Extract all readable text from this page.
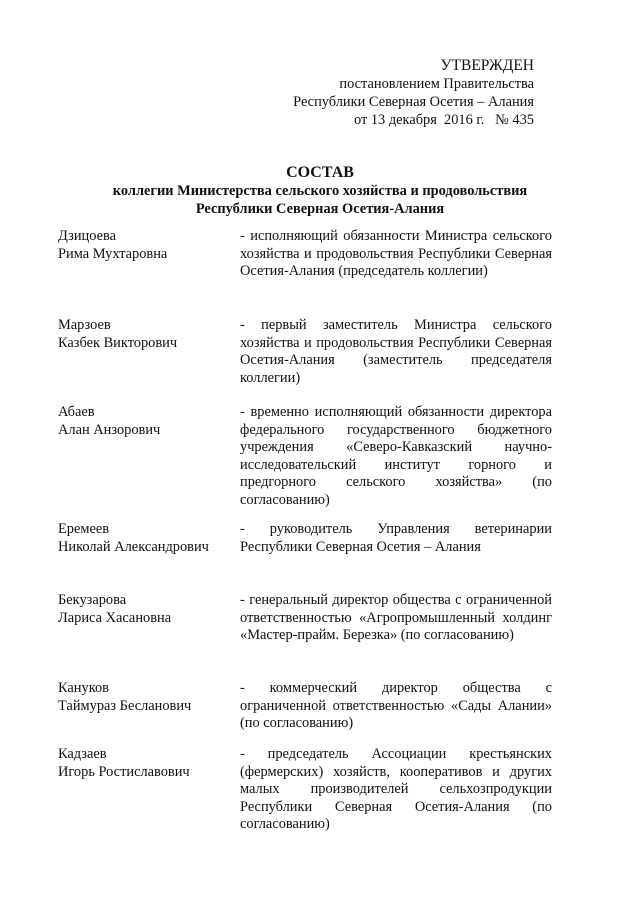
УТВЕРЖДЕН
постановлением Правительства
Республики Северная Осетия – Алания
от 13 декабря  2016 г.   № 435
СОСТАВ
коллегии Министерства сельского хозяйства и продовольствия
Республики Северная Осетия-Алания
Дзицоева
Рима Мухтаровна
- исполняющий обязанности Министра сельского хозяйства и продовольствия Республики Северная Осетия-Алания (председатель коллегии)
Марзоев
Казбек Викторович
- первый заместитель Министра сельского хозяйства и продовольствия Республики Северная Осетия-Алания (заместитель председателя коллегии)
Абаев
Алан Анзорович
- временно исполняющий обязанности директора федерального государственного бюджетного учреждения «Северо-Кавказский научно-исследовательский институт горного и предгорного сельского хозяйства» (по согласованию)
Еремеев
Николай Александрович
- руководитель Управления ветеринарии Республики Северная Осетия – Алания
Бекузарова
Лариса Хасановна
- генеральный директор общества с ограниченной ответственностью «Агропромышленный холдинг «Мастер-прайм. Березка» (по согласованию)
Кануков
Таймураз Бесланович
- коммерческий директор общества с ограниченной ответственностью «Сады Алании» (по согласованию)
Кадзаев
Игорь Ростиславович
- председатель Ассоциации крестьянских (фермерских) хозяйств, кооперативов и других малых производителей сельхозпродукции Республики Северная Осетия-Алания (по согласованию)
